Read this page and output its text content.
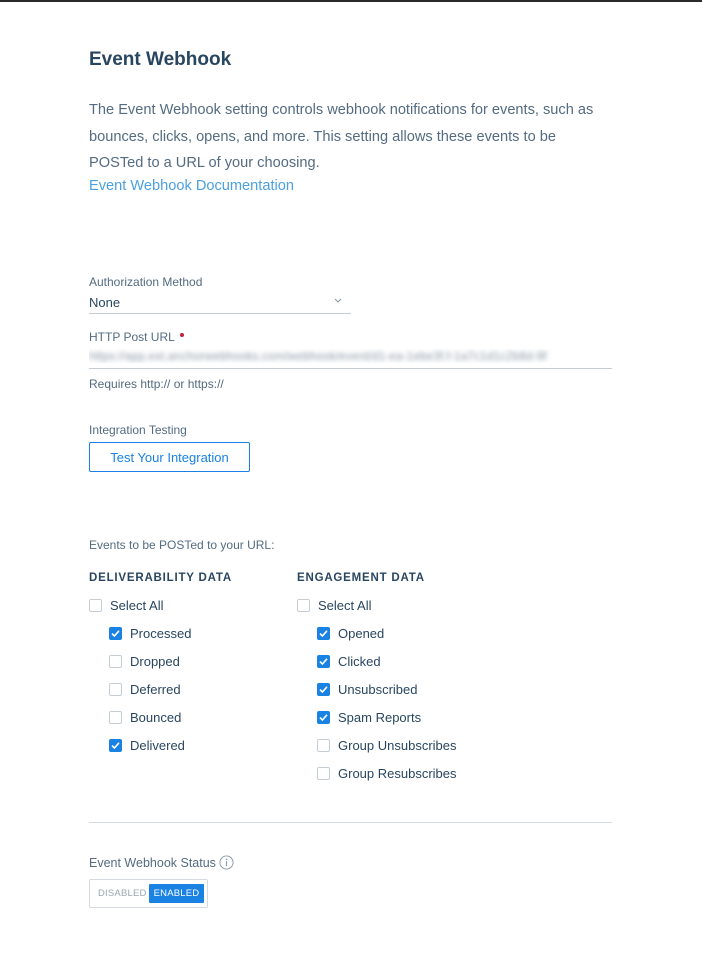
Event Webhook

The Event Webhook setting controls webhook notifications for events, such as bounces, clicks, opens, and more. This setting allows these events to be POSTed to a URL of your choosing.

Event Webhook Documentation
Authorization Method
None
HTTP Post URL
https://app.ext.anchorwebhooks.com/webhook/event/d1-ea-1ebe3f.f-1a7c1d1c2b8d-9f
Requires http:// or https://
Integration Testing
Test Your Integration
Events to be POSTed to your URL:
DELIVERABILITY DATA
Select All
Processed
Dropped
Deferred
Bounced
Delivered
ENGAGEMENT DATA
Select All
Opened
Clicked
Unsubscribed
Spam Reports
Group Unsubscribes
Group Resubscribes
Event Webhook Status
DISABLED ENABLED
